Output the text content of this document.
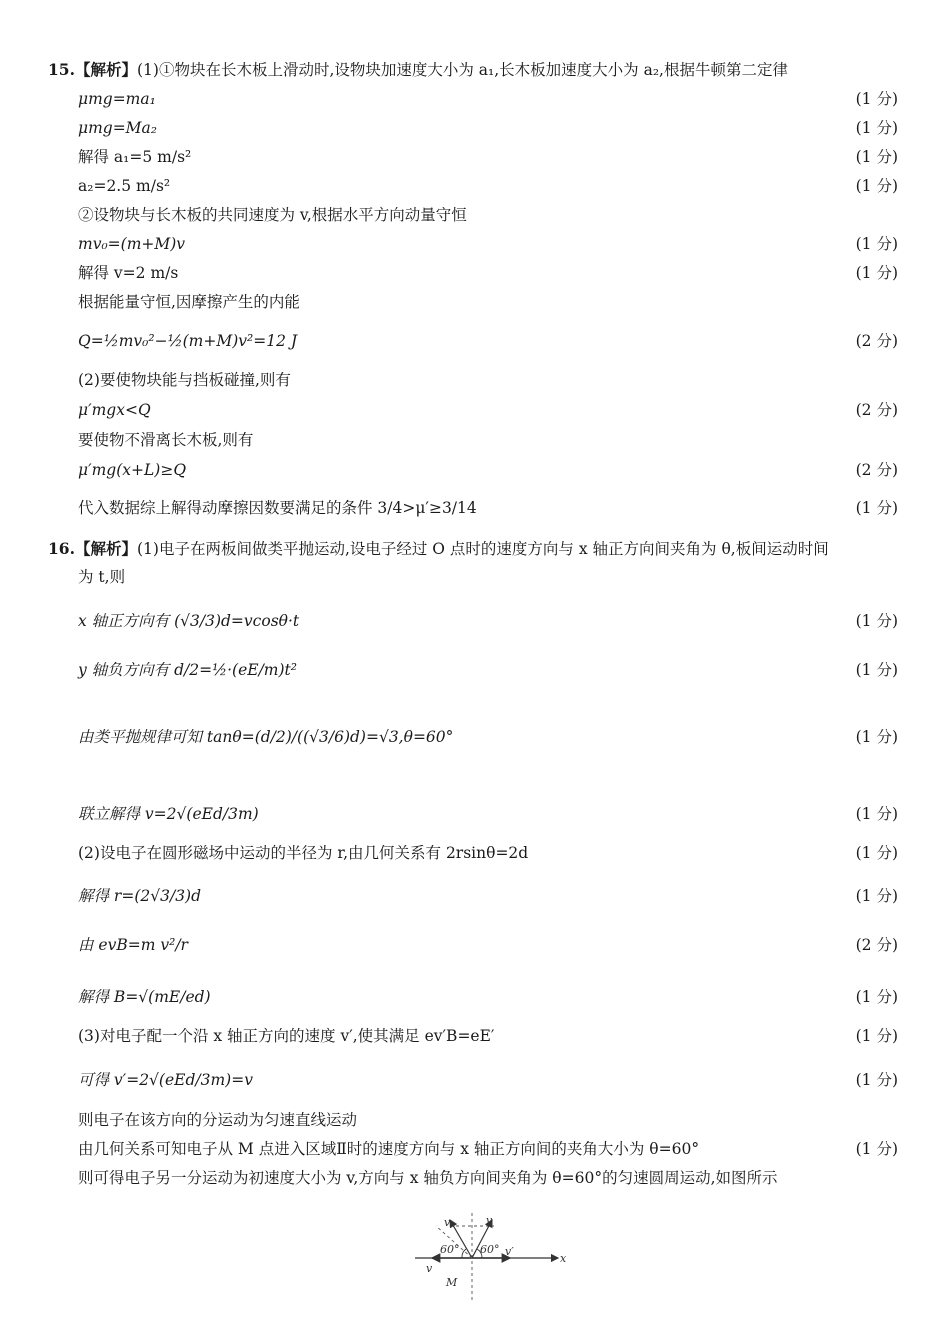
15.【解析】(1)①物块在长木板上滑动时,设物块加速度大小为 a₁,长木板加速度大小为 a₂,根据牛顿第二定律
μmg=ma₁	(1 分)
μmg=Ma₂	(1 分)
解得 a₁=5 m/s²	(1 分)
a₂=2.5 m/s²	(1 分)
②设物块与长木板的共同速度为 v,根据水平方向动量守恒
mv₀=(m+M)v	(1 分)
解得 v=2 m/s	(1 分)
根据能量守恒,因摩擦产生的内能
Q=½mv₀²−½(m+M)v²=12 J	(2 分)
(2)要使物块能与挡板碰撞,则有
μ′mgx<Q	(2 分)
要使物不滑离长木板,则有
μ′mg(x+L)≥Q	(2 分)
代入数据综上解得动摩擦因数要满足的条件 3/4>μ′≥3/14	(1 分)
16.【解析】(1)电子在两板间做类平抛运动,设电子经过 O 点时的速度方向与 x 轴正方向间夹角为 θ,板间运动时间
为 t,则
x 轴正方向有 (√3/3)d=vcosθ·t	(1 分)
y 轴负方向有 d/2=½·(eE/m)t²	(1 分)
由类平抛规律可知 tanθ=(d/2)/((√3/6)d)=√3,θ=60°	(1 分)
联立解得 v=2√(eEd/3m)	(1 分)
(2)设电子在圆形磁场中运动的半径为 r,由几何关系有 2rsinθ=2d	(1 分)
解得 r=(2√3/3)d	(1 分)
由 evB=m v²/r	(2 分)
解得 B=√(mE/ed)	(1 分)
(3)对电子配一个沿 x 轴正方向的速度 v′,使其满足 ev′B=eE′	(1 分)
可得 v′=2√(eEd/3m)=v	(1 分)
则电子在该方向的分运动为匀速直线运动
由几何关系可知电子从 M 点进入区域Ⅱ时的速度方向与 x 轴正方向间的夹角大小为 θ=60°	(1 分)
则可得电子另一分运动为初速度大小为 v,方向与 x 轴负方向间夹角为 θ=60°的匀速圆周运动,如图所示
v	v
60° 60° v′
v
M
x
